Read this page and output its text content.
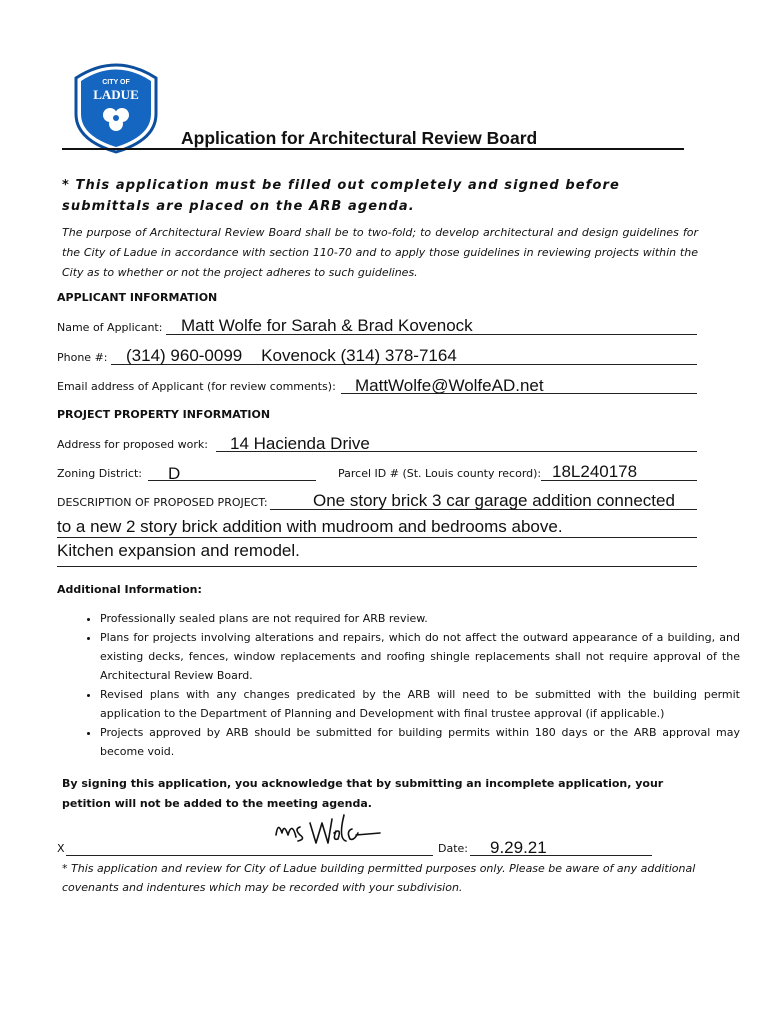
CITY OF
LADUE
Application for Architectural Review Board
* This application must be filled out completely and signed before submittals are placed on the ARB agenda.
The purpose of Architectural Review Board shall be to two-fold; to develop architectural and design guidelines for the City of Ladue in accordance with section 110-70 and to apply those guidelines in reviewing projects within the City as to whether or not the project adheres to such guidelines.
APPLICANT INFORMATION
Name of Applicant: Matt Wolfe for Sarah & Brad Kovenock
Phone #: (314) 960-0099    Kovenock (314) 378-7164
Email address of Applicant (for review comments): MattWolfe@WolfeAD.net
PROJECT PROPERTY INFORMATION
Address for proposed work: 14 Hacienda Drive
Zoning District: D	Parcel ID # (St. Louis county record): 18L240178
DESCRIPTION OF PROPOSED PROJECT:	One story brick 3 car garage addition connected
to a new 2 story brick addition with mudroom and bedrooms above.
Kitchen expansion and remodel.
Additional Information:
• Professionally sealed plans are not required for ARB review.
• Plans for projects involving alterations and repairs, which do not affect the outward appearance of a building, and existing decks, fences, window replacements and roofing shingle replacements shall not require approval of the Architectural Review Board.
• Revised plans with any changes predicated by the ARB will need to be submitted with the building permit application to the Department of Planning and Development with final trustee approval (if applicable.)
• Projects approved by ARB should be submitted for building permits within 180 days or the ARB approval may become void.
By signing this application, you acknowledge that by submitting an incomplete application, your petition will not be added to the meeting agenda.
X	Date: 9.29.21
* This application and review for City of Ladue building permitted purposes only. Please be aware of any additional covenants and indentures which may be recorded with your subdivision.
